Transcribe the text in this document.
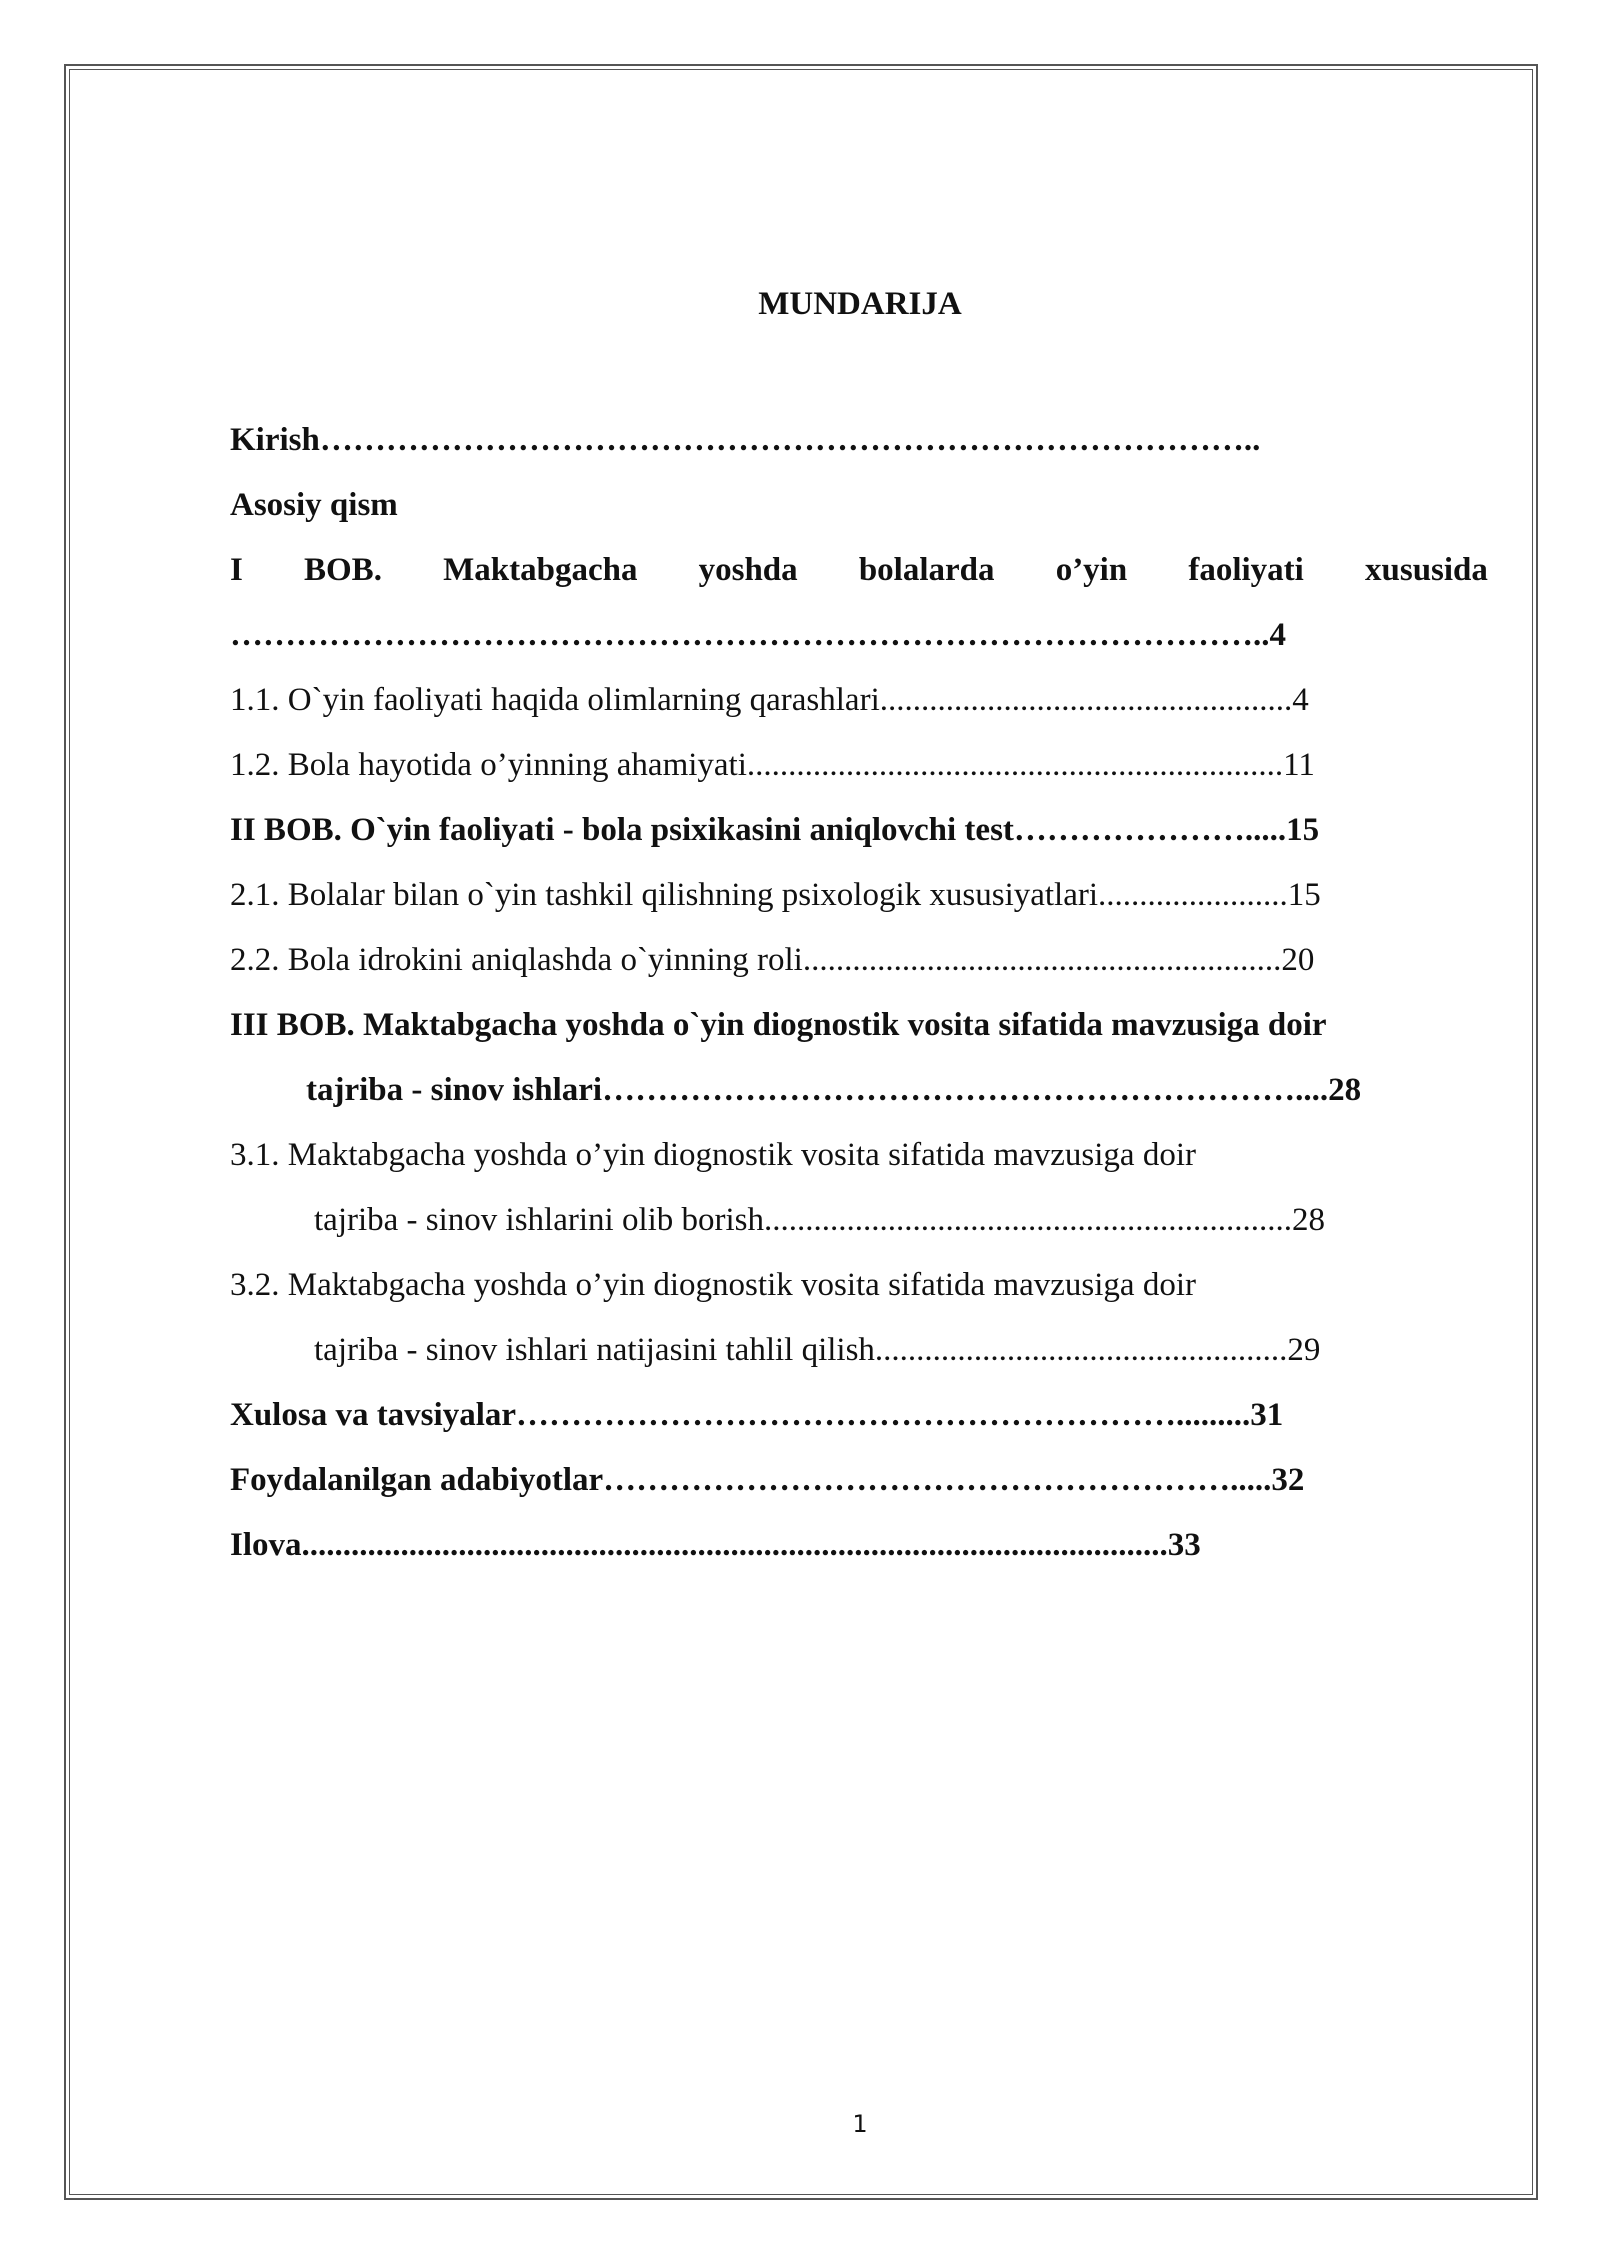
MUNDARIJA
Kirish…………………………………………………………………………..
Asosiy qism
I BOB. Maktabgacha yoshda bolalarda o’yin faoliyati xususida
…………………………………………………………………………………..4
1.1. O`yin faoliyati haqida olimlarning qarashlari..................................................4
1.2. Bola hayotida o’yinning ahamiyati.................................................................11
II BOB. O`yin faoliyati - bola psixikasini aniqlovchi test………………….....15
2.1. Bolalar bilan o`yin tashkil qilishning psixologik xususiyatlari.......................15
2.2. Bola idrokini aniqlashda o`yinning roli..........................................................20
III BOB. Maktabgacha yoshda o`yin diognostik vosita sifatida mavzusiga doir
tajriba - sinov ishlari………………………………………………………....28
3.1. Maktabgacha yoshda o’yin diognostik vosita sifatida mavzusiga doir
tajriba - sinov ishlarini olib borish................................................................28
3.2. Maktabgacha yoshda o’yin diognostik vosita sifatida mavzusiga doir
tajriba - sinov ishlari natijasini tahlil qilish..................................................29
Xulosa va tavsiyalar…………………………………………………….........31
Foydalanilgan adabiyotlar………………………………………………….....32
Ilova.........................................................................................................33
1
